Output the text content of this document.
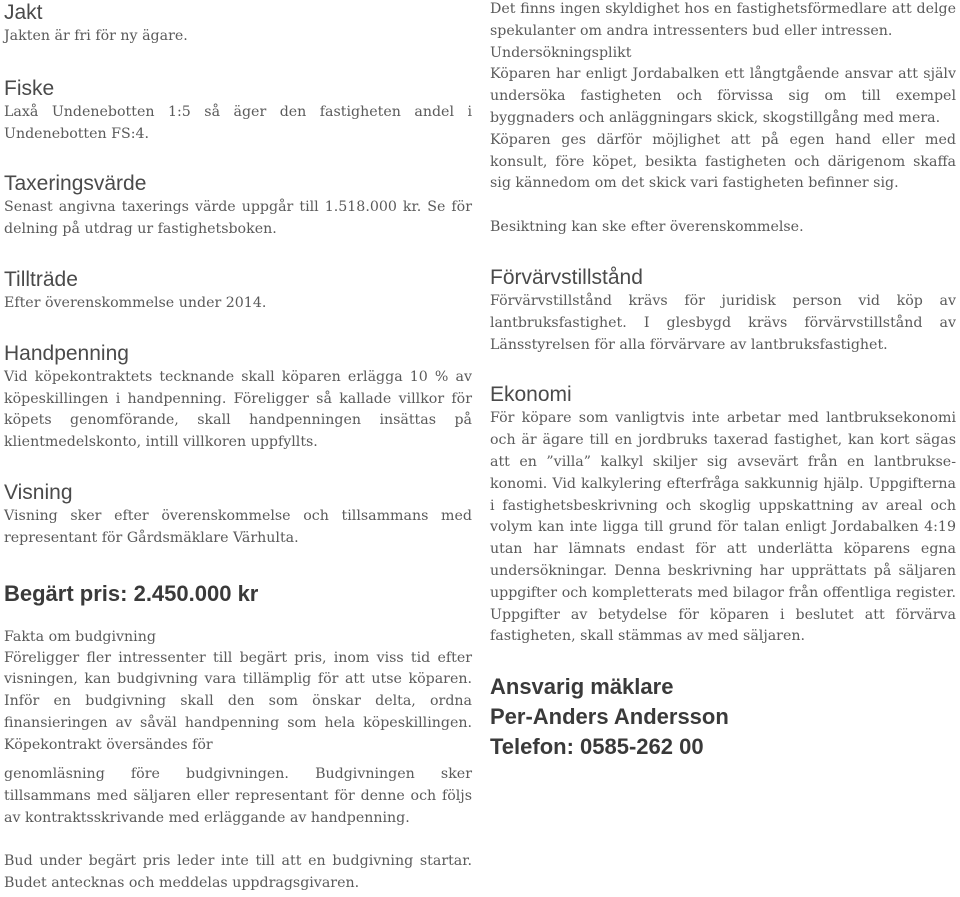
Jakt

Jakten är fri för ny ägare.

Fiske

Laxå Undenebotten 1:5 så äger den fastigheten andel i Undenebotten FS:4.

Taxeringsvärde

Senast angivna taxerings värde uppgår till 1.518.000 kr. Se för delning på utdrag ur fastighetsboken.

Tillträde

Efter överenskommelse under 2014.

Handpenning

Vid köpekontraktets tecknande skall köparen erlägga 10 % av köpeskillingen i handpenning. Föreligger så kallade villkor för köpets genomförande, skall handpenningen insättas på klientmedelskonto, intill villkoren uppfyllts.

Visning

Visning sker efter överenskommelse och tillsammans med representant för Gårdsmäklare Värhulta.

Begärt pris: 2.450.000 kr
Fakta om budgivning

Föreligger fler intressenter till begärt pris, inom viss tid efter visningen, kan budgivning vara tillämplig för att utse köparen. Inför en budgivning skall den som önskar delta, ordna finansieringen av såväl handpenning som hela köpeskillingen. Köpekontrakt översändes för

genomläsning före budgivningen. Budgivningen sker tillsammans med säljaren eller representant för denne och följs av kontraktsskrivande med erläggande av handpenning.

Bud under begärt pris leder inte till att en budgivning startar. Budet antecknas och meddelas uppdragsgivaren.

Det finns ingen skyldighet hos en fastighetsförmedlare att delge spekulanter om andra intressenters bud eller intressen.

Undersökningsplikt

Köparen har enligt Jordabalken ett långtgående ansvar att själv undersöka fastigheten och förvissa sig om till exempel byggnaders och anläggningars skick, skogstillgång med mera.

Köparen ges därför möjlighet att på egen hand eller med konsult, före köpet, besikta fastigheten och därigenom skaffa sig kännedom om det skick vari fastigheten befinner sig.

Besiktning kan ske efter överenskommelse.

Förvärvstillstånd

Förvärvstillstånd krävs för juridisk person vid köp av lantbruksfastighet. I glesbygd krävs förvärvstillstånd av Länsstyrelsen för alla förvärvare av lantbruksfastighet.

Ekonomi

För köpare som vanligtvis inte arbetar med lantbruksekonomi och är ägare till en jordbruks taxerad fastighet, kan kort sägas att en ”villa” kalkyl skiljer sig avsevärt från en lantbruksekonomi. Vid kalkylering efterfråga sakkunnig hjälp. Uppgifterna i fastighetsbeskrivning och skoglig uppskattning av areal och volym kan inte ligga till grund för talan enligt Jordabalken 4:19 utan har lämnats endast för att underlätta köparens egna undersökningar. Denna beskrivning har upprättats på säljaren uppgifter och kompletterats med bilagor från offentliga register. Uppgifter av betydelse för köparen i beslutet att förvärva fastigheten, skall stämmas av med säljaren.

Ansvarig mäklare
Per-Anders Andersson
Telefon: 0585-262 00
